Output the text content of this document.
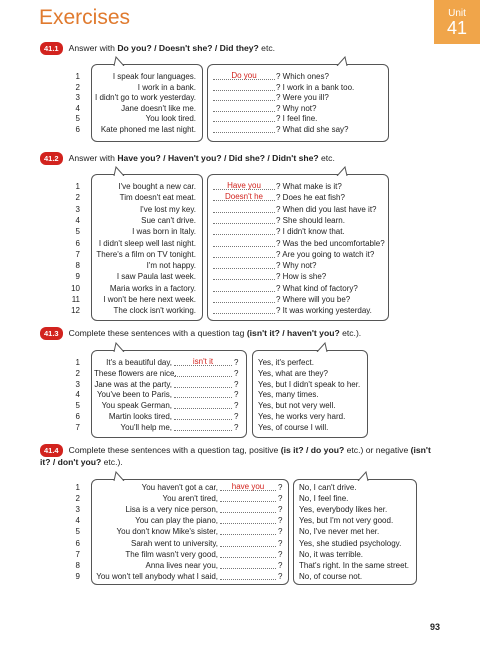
Exercises	Unit
41
41.1 Answer with Do you? / Doesn't she? / Did they? etc.
1	I speak four languages.	Do you	? Which ones?
2	I work in a bank.	? I work in a bank too.
3	I didn't go to work yesterday.	? Were you ill?
4	Jane doesn't like me.	? Why not?
5	You look tired.	? I feel fine.
6	Kate phoned me last night.	? What did she say?
41.2 Answer with Have you? / Haven't you? / Did she? / Didn't she? etc.
1	I've bought a new car.	Have you	? What make is it?
2	Tim doesn't eat meat.	Doesn't he	? Does he eat fish?
3	I've lost my key.	? When did you last have it?
4	Sue can't drive.	? She should learn.
5	I was born in Italy.	? I didn't know that.
6	I didn't sleep well last night.	? Was the bed uncomfortable?
7	There's a film on TV tonight.	? Are you going to watch it?
8	I'm not happy.	? Why not?
9	I saw Paula last week.	? How is she?
10	Maria works in a factory.	? What kind of factory?
11	I won't be here next week.	? Where will you be?
12	The clock isn't working.	? It was working yesterday.
41.3 Complete these sentences with a question tag (isn't it? / haven't you? etc.).
1	It's a beautiful day,	isn't it	? Yes, it's perfect.
2 These flowers are nice,	? Yes, what are they?
3 Jane was at the party,	? Yes, but I didn't speak to her.
4	You've been to Paris,	? Yes, many times.
5	You speak German,	? Yes, but not very well.
6	Martin looks tired,	? Yes, he works very hard.
7	You'll help me,	? Yes, of course I will.
41.4 Complete these sentences with a question tag, positive (is it? / do you? etc.) or negative (isn't it? / don't you? etc.).
1	You haven't got a car,	have you	? No, I can't drive.
2	You aren't tired,	? No, I feel fine.
3	Lisa is a very nice person,	? Yes, everybody likes her.
4	You can play the piano,	? Yes, but I'm not very good.
5	You don't know Mike's sister,	? No, I've never met her.
6	Sarah went to university,	? Yes, she studied psychology.
7	The film wasn't very good,	? No, it was terrible.
8	Anna lives near you,	? That's right. In the same street.
9 You won't tell anybody what I said,	? No, of course not.
93
